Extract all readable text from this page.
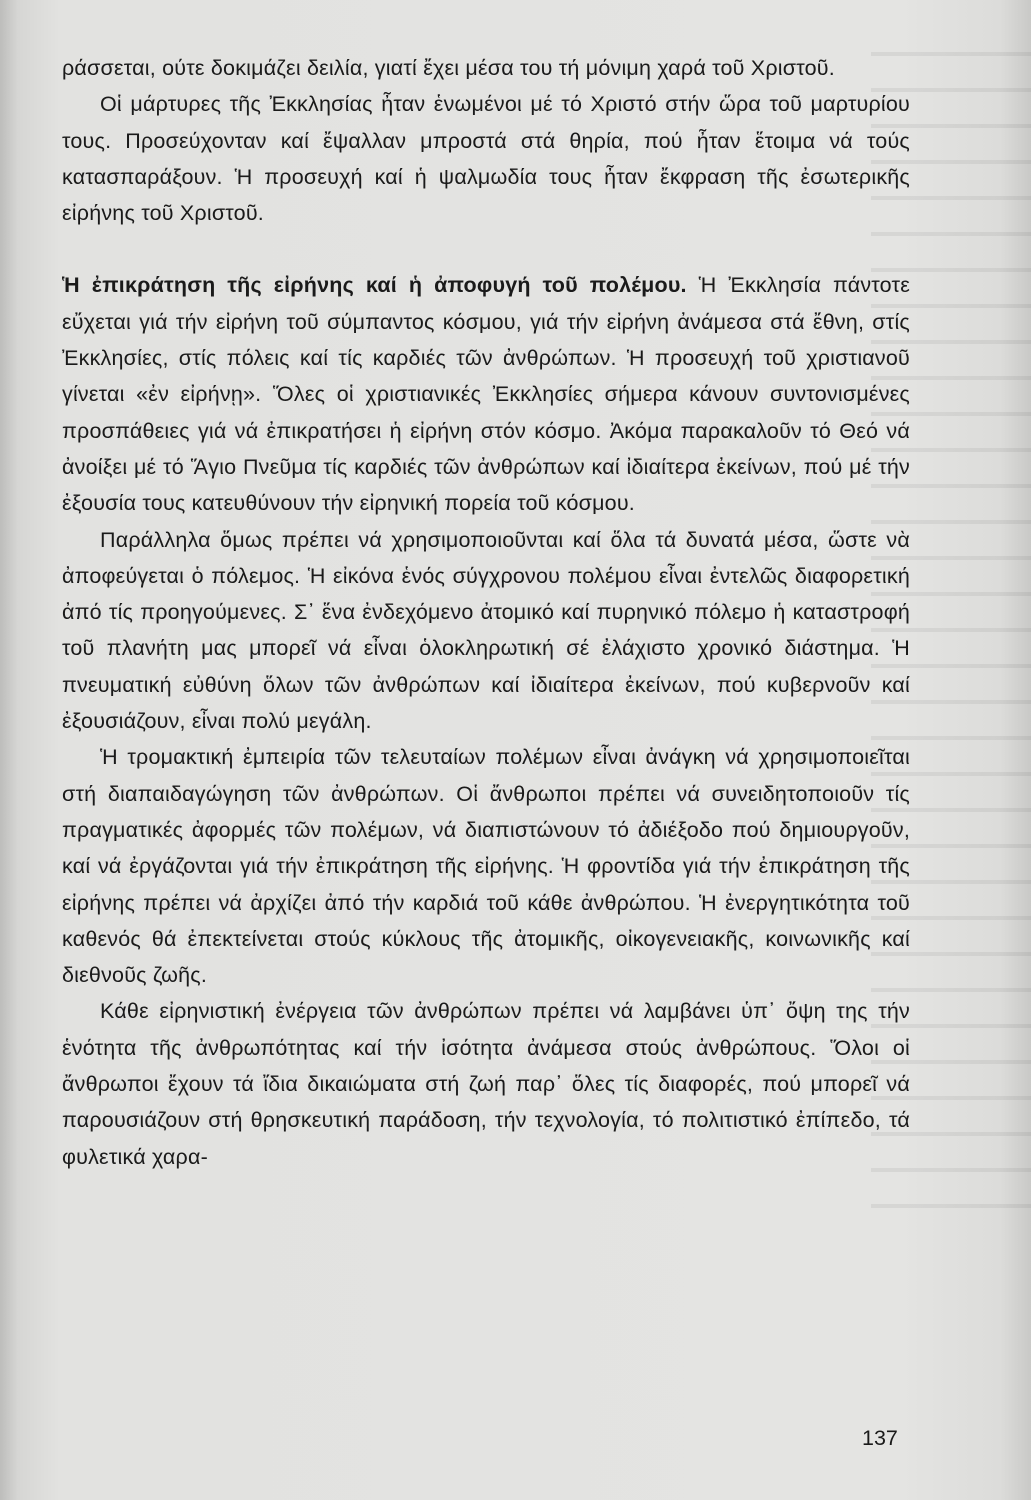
ράσσεται, ούτε δοκιμάζει δειλία, γιατί ἔχει μέσα του τή μόνιμη χαρά τοῦ Χριστοῦ.

Οἱ μάρτυρες τῆς Ἐκκλησίας ἦταν ἑνωμένοι μέ τό Χριστό στήν ὥρα τοῦ μαρτυρίου τους. Προσεύχονταν καί ἔψαλλαν μπροστά στά θηρία, πού ἦταν ἕτοιμα νά τούς κατασπαράξουν. Ἡ προσευχή καί ἡ ψαλμωδία τους ἦταν ἔκφραση τῆς ἐσωτερικῆς εἰρήνης τοῦ Χριστοῦ.

Ἡ ἐπικράτηση τῆς εἰρήνης καί ἡ ἀποφυγή τοῦ πολέμου. Ἡ Ἐκκλησία πάντοτε εὔχεται γιά τήν εἰρήνη τοῦ σύμπαντος κόσμου, γιά τήν εἰρήνη ἀνάμεσα στά ἔθνη, στίς Ἐκκλησίες, στίς πόλεις καί τίς καρδιές τῶν ἀνθρώπων. Ἡ προσευχή τοῦ χριστιανοῦ γίνεται «ἐν εἰρήνῃ». Ὅλες οἱ χριστιανικές Ἐκκλησίες σήμερα κάνουν συντονισμένες προσπάθειες γιά νά ἐπικρατήσει ἡ εἰρήνη στόν κόσμο. Ἀκόμα παρακαλοῦν τό Θεό νά ἀνοίξει μέ τό Ἅγιο Πνεῦμα τίς καρδιές τῶν ἀνθρώπων καί ἰδιαίτερα ἐκείνων, πού μέ τήν ἐξουσία τους κατευθύνουν τήν εἰρηνική πορεία τοῦ κόσμου.

Παράλληλα ὅμως πρέπει νά χρησιμοποιοῦνται καί ὅλα τά δυνατά μέσα, ὥστε νὰ ἀποφεύγεται ὁ πόλεμος. Ἡ εἰκόνα ἑνός σύγχρονου πολέμου εἶναι ἐντελῶς διαφορετική ἀπό τίς προηγούμενες. Σ᾽ ἕνα ἐνδεχόμενο ἀτομικό καί πυρηνικό πόλεμο ἡ καταστροφή τοῦ πλανήτη μας μπορεῖ νά εἶναι ὁλοκληρωτική σέ ἐλάχιστο χρονικό διάστημα. Ἡ πνευματική εὐθύνη ὅλων τῶν ἀνθρώπων καί ἰδιαίτερα ἐκείνων, πού κυβερνοῦν καί ἐξουσιάζουν, εἶναι πολύ μεγάλη.

Ἡ τρομακτική ἐμπειρία τῶν τελευταίων πολέμων εἶναι ἀνάγκη νά χρησιμοποιεῖται στή διαπαιδαγώγηση τῶν ἀνθρώπων. Οἱ ἄνθρωποι πρέπει νά συνειδητοποιοῦν τίς πραγματικές ἀφορμές τῶν πολέμων, νά διαπιστώνουν τό ἀδιέξοδο πού δημιουργοῦν, καί νά ἐργάζονται γιά τήν ἐπικράτηση τῆς εἰρήνης. Ἡ φροντίδα γιά τήν ἐπικράτηση τῆς εἰρήνης πρέπει νά ἀρχίζει ἀπό τήν καρδιά τοῦ κάθε ἀνθρώπου. Ἡ ἐνεργητικότητα τοῦ καθενός θά ἐπεκτείνεται στούς κύκλους τῆς ἀτομικῆς, οἰκογενειακῆς, κοινωνικῆς καί διεθνοῦς ζωῆς.

Κάθε εἰρηνιστική ἐνέργεια τῶν ἀνθρώπων πρέπει νά λαμβάνει ὑπ᾽ ὄψη της τήν ἑνότητα τῆς ἀνθρωπότητας καί τήν ἰσότητα ἀνάμεσα στούς ἀνθρώπους. Ὅλοι οἱ ἄνθρωποι ἔχουν τά ἴδια δικαιώματα στή ζωή παρ᾽ ὅλες τίς διαφορές, πού μπορεῖ νά παρουσιάζουν στή θρησκευτική παράδοση, τήν τεχνολογία, τό πολιτιστικό ἐπίπεδο, τά φυλετικά χαρα-

137
